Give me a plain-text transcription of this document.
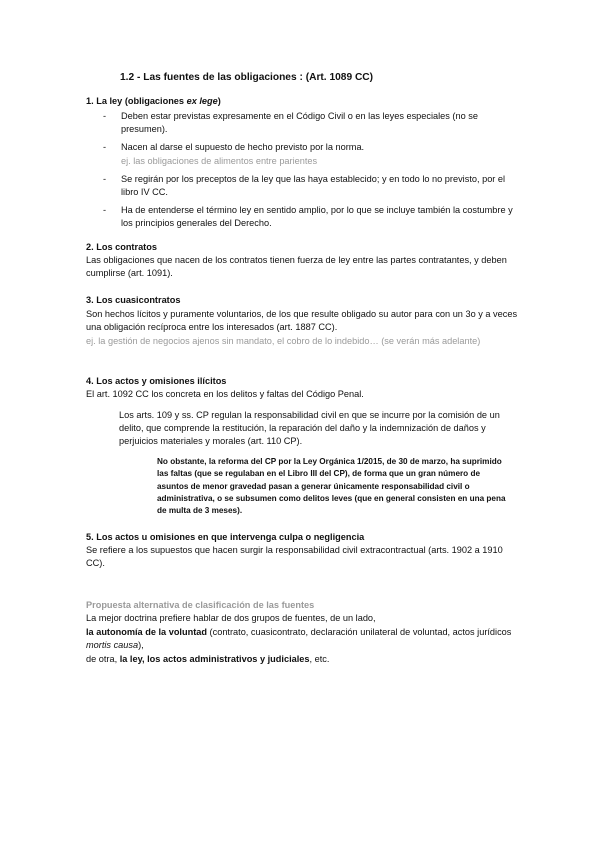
1.2 - Las fuentes de las obligaciones : (Art. 1089 CC)
1. La ley (obligaciones ex lege)
-	Deben estar previstas expresamente en el Código Civil o en las leyes especiales (no se presumen).
-	Nacen al darse el supuesto de hecho previsto por la norma.
ej. las obligaciones de alimentos entre parientes
-	Se regirán por los preceptos de la ley que las haya establecido; y en todo lo no previsto, por el libro IV CC.
-	Ha de entenderse el término ley en sentido amplio, por lo que se incluye también la costumbre y los principios generales del Derecho.
2. Los contratos
Las obligaciones que nacen de los contratos tienen fuerza de ley entre las partes contratantes, y deben cumplirse (art. 1091).
3. Los cuasicontratos
Son hechos lícitos y puramente voluntarios, de los que resulte obligado su autor para con un 3o y a veces una obligación recíproca entre los interesados (art. 1887 CC).
ej. la gestión de negocios ajenos sin mandato, el cobro de lo indebido… (se verán más adelante)
4. Los actos y omisiones ilícitos
El art. 1092 CC los concreta en los delitos y faltas del Código Penal.
Los arts. 109 y ss. CP regulan la responsabilidad civil en que se incurre por la comisión de un delito, que comprende la restitución, la reparación del daño y la indemnización de daños y perjuicios materiales y morales (art. 110 CP).
No obstante, la reforma del CP por la Ley Orgánica 1/2015, de 30 de marzo, ha suprimido las faltas (que se regulaban en el Libro III del CP), de forma que un gran número de asuntos de menor gravedad pasan a generar únicamente responsabilidad civil o administrativa, o se subsumen como delitos leves (que en general consisten en una pena de multa de 3 meses).
5. Los actos u omisiones en que intervenga culpa o negligencia
Se refiere a los supuestos que hacen surgir la responsabilidad civil extracontractual (arts. 1902 a 1910 CC).
Propuesta alternativa de clasificación de las fuentes
La mejor doctrina prefiere hablar de dos grupos de fuentes, de un lado,
la autonomía de la voluntad (contrato, cuasicontrato, declaración unilateral de voluntad, actos jurídicos mortis causa),
de otra, la ley, los actos administrativos y judiciales, etc.
